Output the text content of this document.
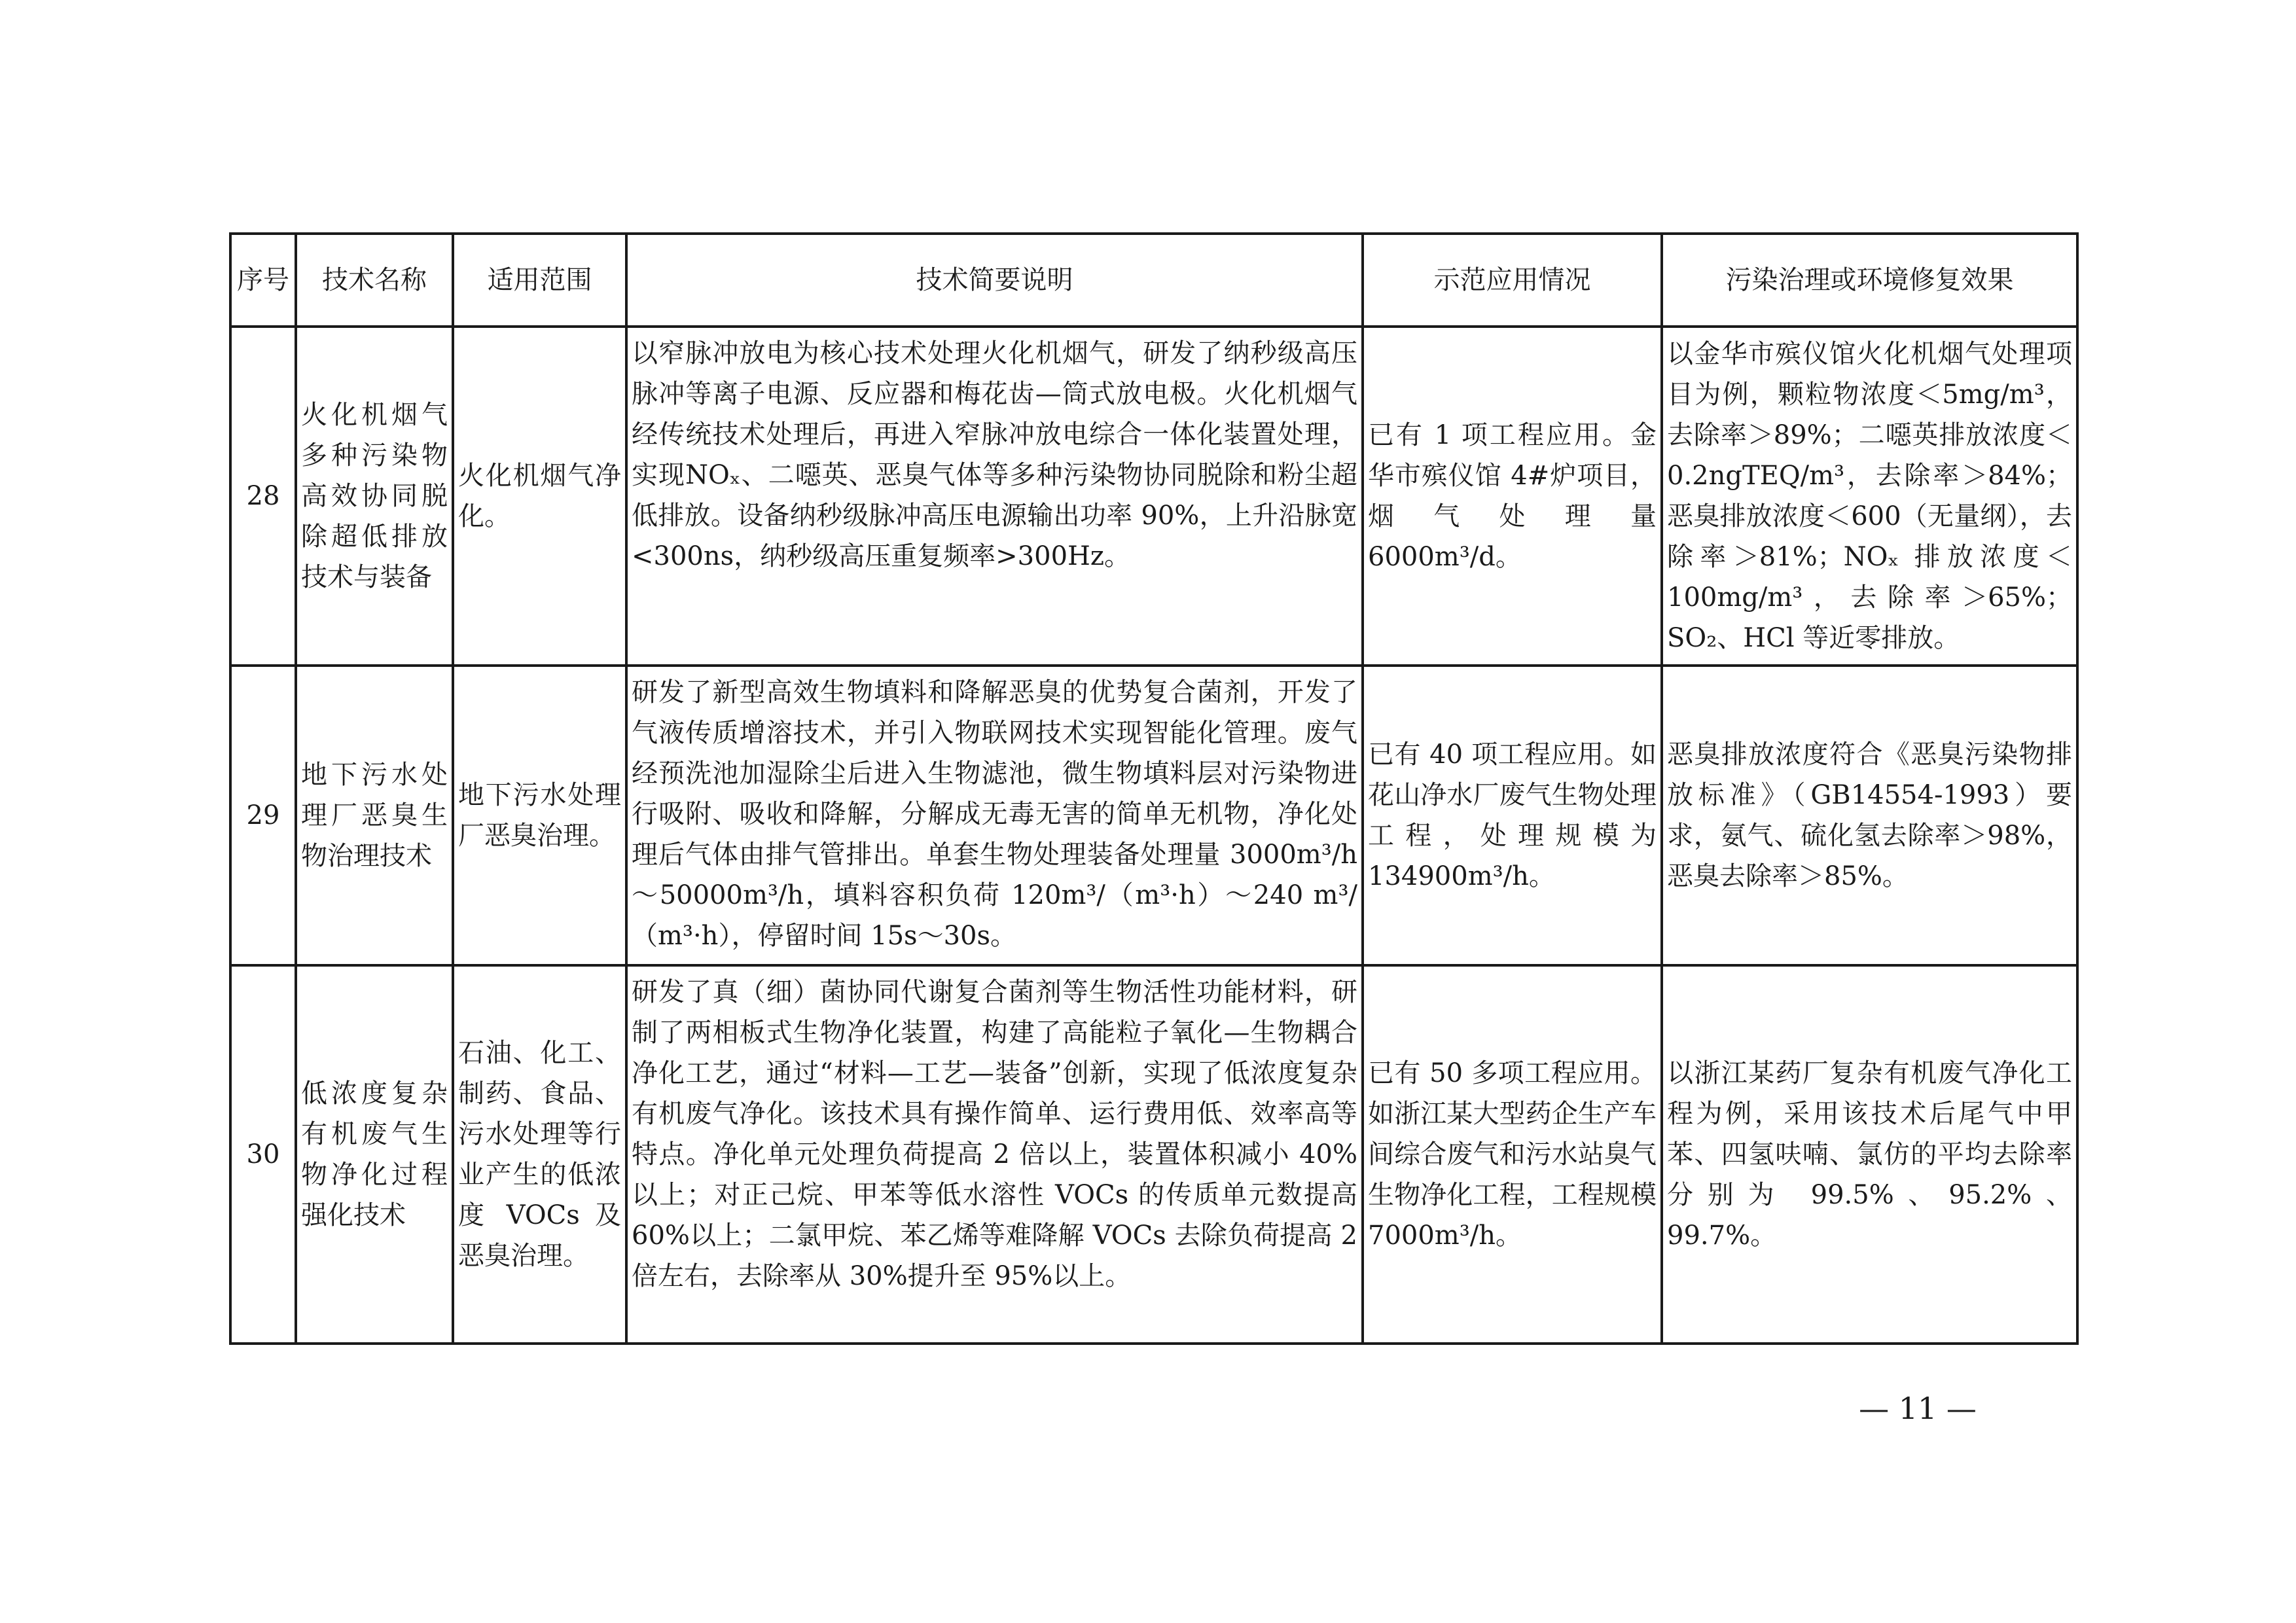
序号	技术名称	适用范围	技术简要说明	示范应用情况	污染治理或环境修复效果
28	火化机烟气多种污染物高效协同脱除超低排放技术与装备	火化机烟气净化。	以窄脉冲放电为核心技术处理火化机烟气，研发了纳秒级高压脉冲等离子电源、反应器和梅花齿—筒式放电极。火化机烟气经传统技术处理后，再进入窄脉冲放电综合一体化装置处理，实现NOₓ、二噁英、恶臭气体等多种污染物协同脱除和粉尘超低排放。设备纳秒级脉冲高压电源输出功率 90%，上升沿脉宽<300ns，纳秒级高压重复频率>300Hz。	已有 1 项工程应用。金华市殡仪馆 4#炉项目，烟气处理量 6000m³/d。	以金华市殡仪馆火化机烟气处理项目为例，颗粒物浓度＜5mg/m³，去除率＞89%；二噁英排放浓度＜0.2ngTEQ/m³，去除率＞84%；恶臭排放浓度＜600（无量纲），去除率＞81%；NOₓ 排放浓度＜100mg/m³，去除率＞65%；SO₂、HCl 等近零排放。
29	地下污水处理厂恶臭生物治理技术	地下污水处理厂恶臭治理。	研发了新型高效生物填料和降解恶臭的优势复合菌剂，开发了气液传质增溶技术，并引入物联网技术实现智能化管理。废气经预洗池加湿除尘后进入生物滤池，微生物填料层对污染物进行吸附、吸收和降解，分解成无毒无害的简单无机物，净化处理后气体由排气管排出。单套生物处理装备处理量 3000m³/h～50000m³/h，填料容积负荷 120m³/（m³·h）～240 m³/（m³·h），停留时间 15s～30s。	已有 40 项工程应用。如花山净水厂废气生物处理工程，处理规模为 134900m³/h。	恶臭排放浓度符合《恶臭污染物排放标准》（GB14554-1993）要求，氨气、硫化氢去除率＞98%，恶臭去除率＞85%。
30	低浓度复杂有机废气生物净化过程强化技术	石油、化工、制药、食品、污水处理等行业产生的低浓度 VOCs 及恶臭治理。	研发了真（细）菌协同代谢复合菌剂等生物活性功能材料，研制了两相板式生物净化装置，构建了高能粒子氧化—生物耦合净化工艺，通过“材料—工艺—装备”创新，实现了低浓度复杂有机废气净化。该技术具有操作简单、运行费用低、效率高等特点。净化单元处理负荷提高 2 倍以上，装置体积减小 40%以上；对正己烷、甲苯等低水溶性 VOCs 的传质单元数提高 60%以上；二氯甲烷、苯乙烯等难降解 VOCs 去除负荷提高 2 倍左右，去除率从 30%提升至 95%以上。	已有 50 多项工程应用。如浙江某大型药企生产车间综合废气和污水站臭气生物净化工程，工程规模 7000m³/h。	以浙江某药厂复杂有机废气净化工程为例，采用该技术后尾气中甲苯、四氢呋喃、氯仿的平均去除率分别为 99.5%、95.2%、99.7%。
— 11 —
